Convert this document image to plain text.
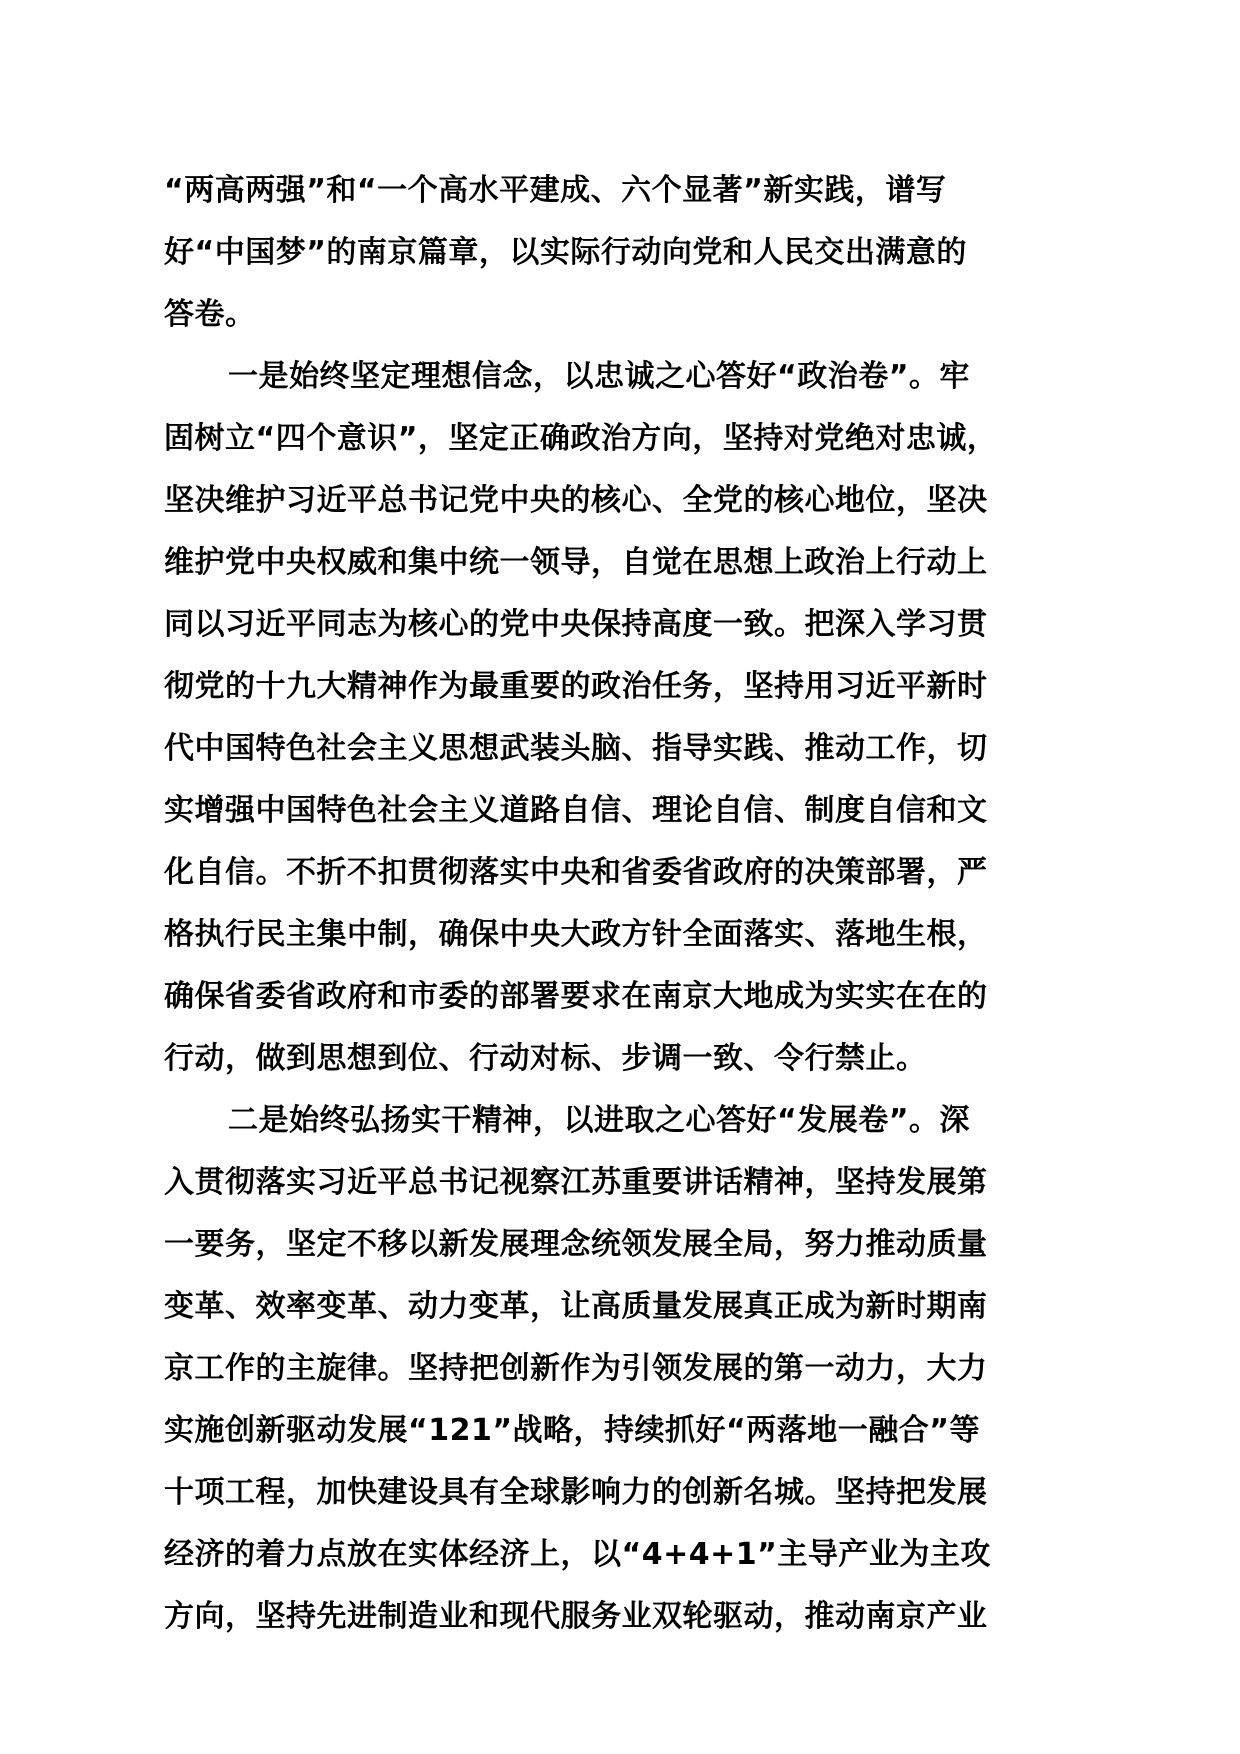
“两高两强”和“一个高水平建成、六个显著”新实践，谱写
好“中国梦”的南京篇章，以实际行动向党和人民交出满意的
答卷。
一是始终坚定理想信念，以忠诚之心答好“政治卷”。牢
固树立“四个意识”，坚定正确政治方向，坚持对党绝对忠诚，
坚决维护习近平总书记党中央的核心、全党的核心地位，坚决
维护党中央权威和集中统一领导，自觉在思想上政治上行动上
同以习近平同志为核心的党中央保持高度一致。把深入学习贯
彻党的十九大精神作为最重要的政治任务，坚持用习近平新时
代中国特色社会主义思想武装头脑、指导实践、推动工作，切
实增强中国特色社会主义道路自信、理论自信、制度自信和文
化自信。不折不扣贯彻落实中央和省委省政府的决策部署，严
格执行民主集中制，确保中央大政方针全面落实、落地生根，
确保省委省政府和市委的部署要求在南京大地成为实实在在的
行动，做到思想到位、行动对标、步调一致、令行禁止。
二是始终弘扬实干精神，以进取之心答好“发展卷”。深
入贯彻落实习近平总书记视察江苏重要讲话精神，坚持发展第
一要务，坚定不移以新发展理念统领发展全局，努力推动质量
变革、效率变革、动力变革，让高质量发展真正成为新时期南
京工作的主旋律。坚持把创新作为引领发展的第一动力，大力
实施创新驱动发展“121”战略，持续抓好“两落地一融合”等
十项工程，加快建设具有全球影响力的创新名城。坚持把发展
经济的着力点放在实体经济上，以“4+4+1”主导产业为主攻
方向，坚持先进制造业和现代服务业双轮驱动，推动南京产业
